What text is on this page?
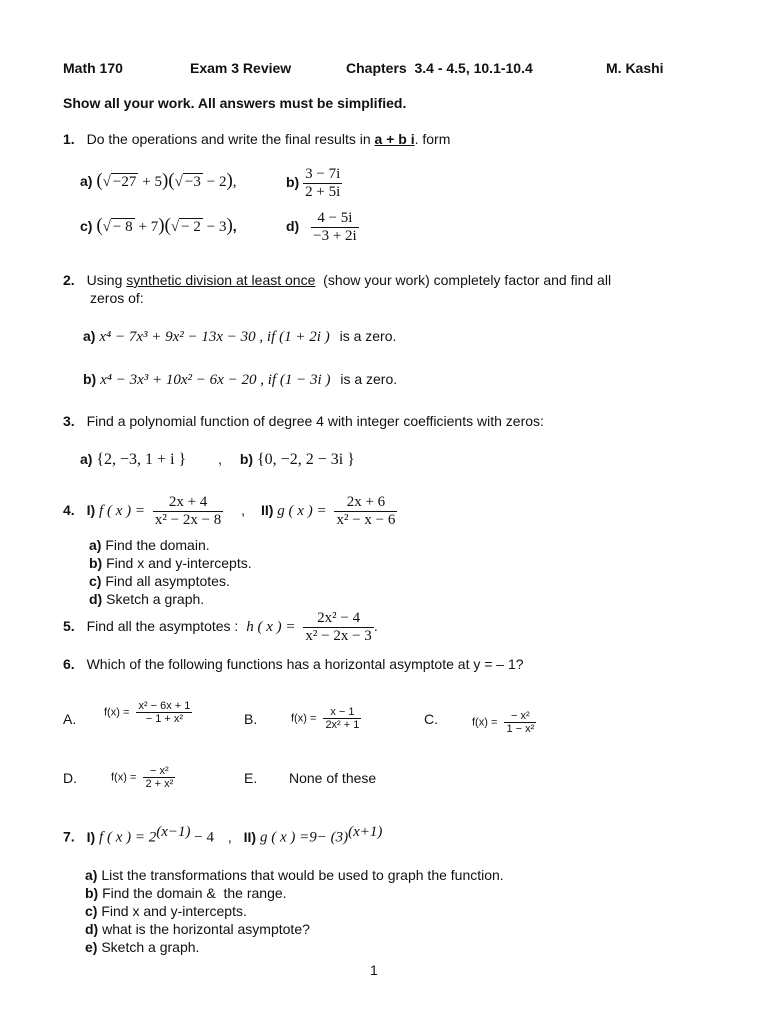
Math 170	Exam 3 Review	Chapters  3.4 - 4.5, 10.1-10.4	M. Kashi
Show all your work. All answers must be simplified.
1. Do the operations and write the final results in a + b i. form
a) (√ −27 + 5)(√ −3 − 2),	$b) \frac{3 - 7i}{2 + 5i}$
c) (√ − 8 + 7)(√ − 2 − 3),	$d) \frac{4 - 5i}{-3 + 2i}$
2. Using synthetic division at least once  (show your work) completely factor and find all
zeros of:
a) x⁴ − 7x³ + 9x² − 13x − 30 , if (1 + 2i ) is a zero.
b) x⁴ − 3x³ + 10x² − 6x − 20 , if (1 − 3i ) is a zero.
3. Find a polynomial function of degree 4 with integer coefficients with zeros:
a) {2, −3, 1 + i } , b) {0, −2, 2 − 3i }
4. I) f ( x ) = $\frac{2x + 4}{\text{x² − 2x − 8}}$ , II) g ( x ) = $\frac{2x + 6}{\text{x² − x − 6}}$
a) Find the domain.
b) Find x and y-intercepts.
c) Find all asymptotes.
d) Sketch a graph.
5. Find all the asymptotes : h ( x ) = $\frac{\text{2x² − 4}}{\text{x² − 2x − 3}}$ .
6. Which of the following functions has a horizontal asymptote at y = – 1?
A.	$f(x) = \frac{\text{x² − 6x + 1}}{\text{− 1 + x²}}$	B.	$f(x) = \frac{x - 1}{\text{2x² + 1}}$	C.	$f(x) = \frac{\text{− x²}}{\text{1 − x²}}$
D.	$f(x) = \frac{\text{− x²}}{\text{2 + x²}}$	E. None of these
7. I) f ( x ) = $2^{(x-1)} - 4$ , II) g ( x ) $=9- (3)^{(x+1)}$
a) List the transformations that would be used to graph the function.
b) Find the domain &  the range.
c) Find x and y-intercepts.
d) what is the horizontal asymptote?
e) Sketch a graph.
1
